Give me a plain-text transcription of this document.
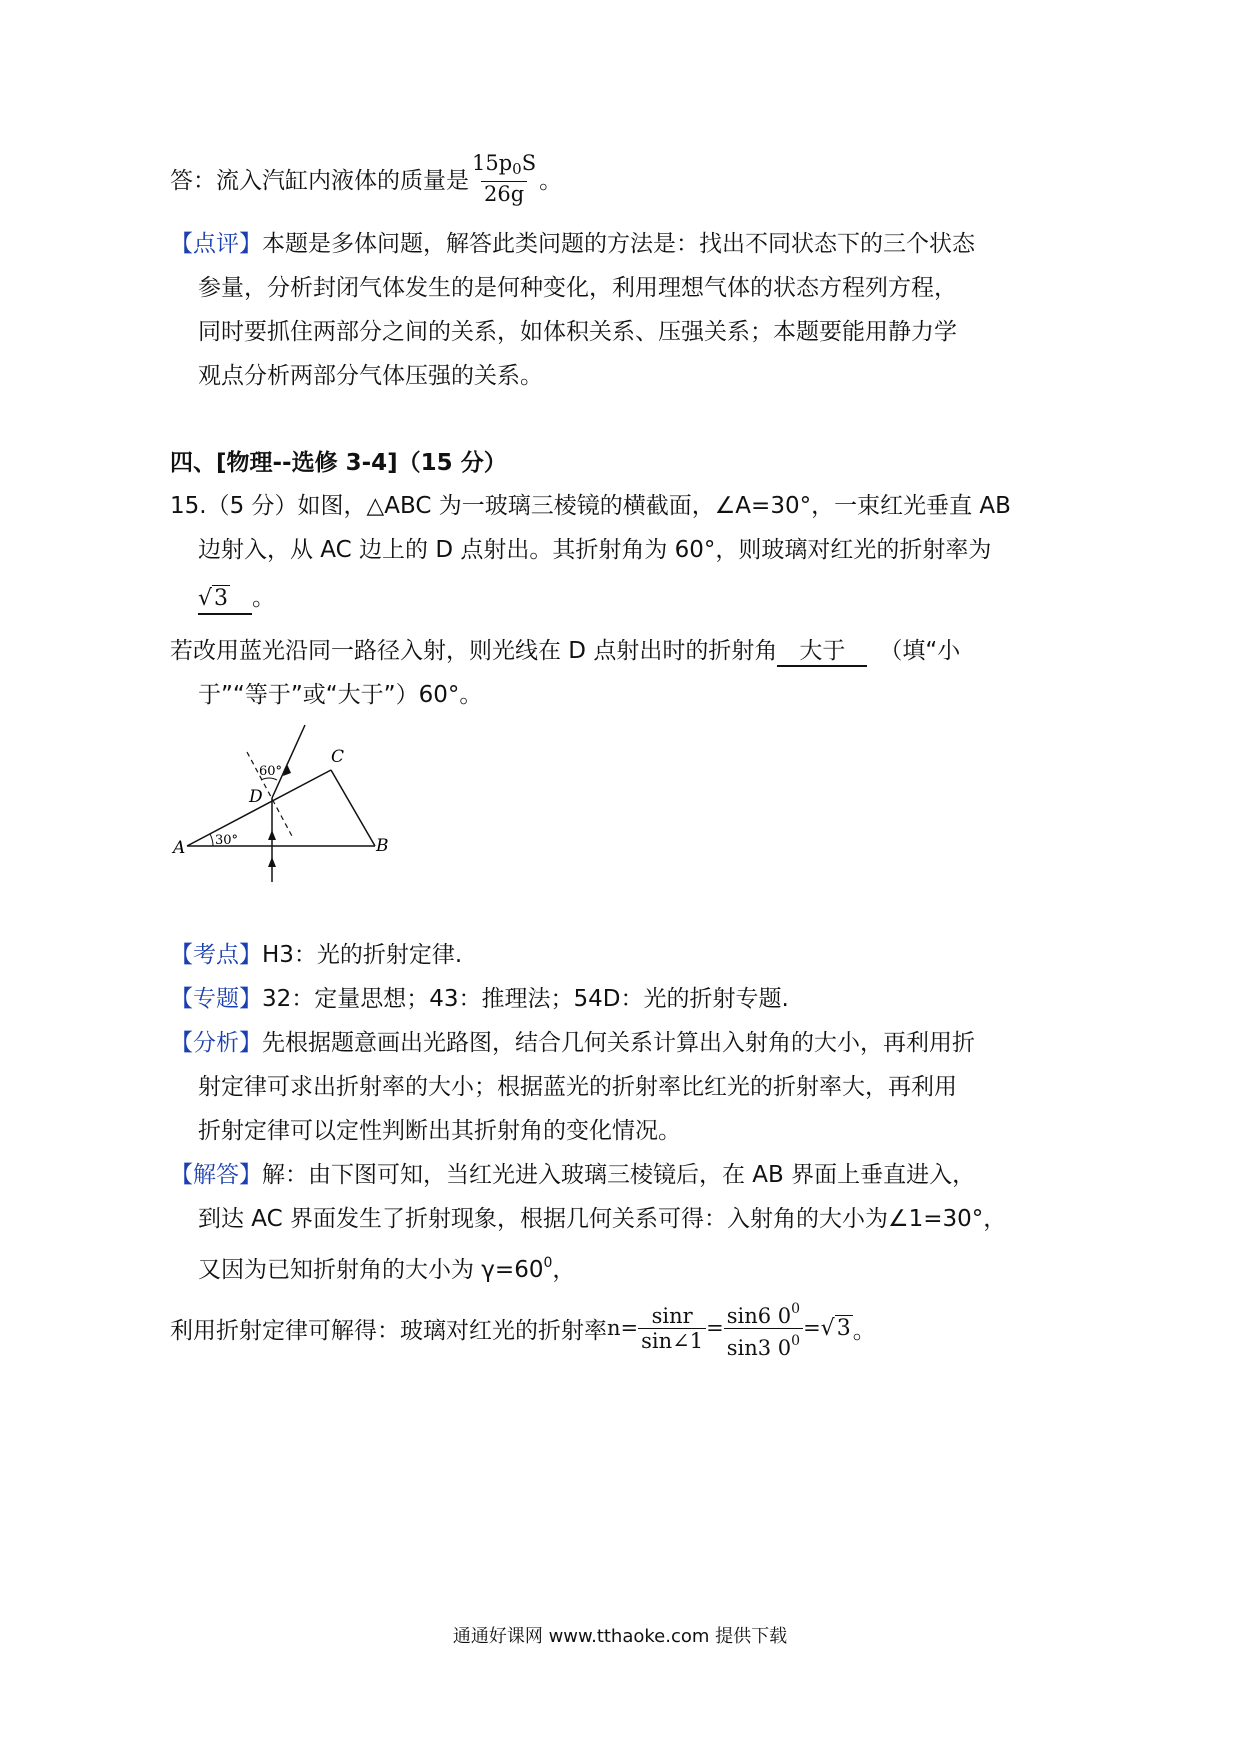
答：流入汽缸内液体的质量是 $\frac{15p_0S}{26g}$ 。
【点评】本题是多体问题，解答此类问题的方法是：找出不同状态下的三个状态
参量，分析封闭气体发生的是何种变化，利用理想气体的状态方程列方程，
同时要抓住两部分之间的关系，如体积关系、压强关系；本题要能用静力学
观点分析两部分气体压强的关系。
四、[物理--选修 3-4]（15 分）
15.（5 分）如图，△ABC 为一玻璃三棱镜的横截面，∠A=30°，一束红光垂直 AB
边射入，从 AC 边上的 D 点射出。其折射角为 60°，则玻璃对红光的折射率为
√3 。
若改用蓝光沿同一路径入射，则光线在 D 点射出时的折射角 大于 （填“小
于”“等于”或“大于”）60°。
A	B
C
D
30°
60°
【考点】H3：光的折射定律.
【专题】32：定量思想；43：推理法；54D：光的折射专题.
【分析】先根据题意画出光路图，结合几何关系计算出入射角的大小，再利用折
射定律可求出折射率的大小；根据蓝光的折射率比红光的折射率大，再利用
折射定律可以定性判断出其折射角的变化情况。
【解答】解：由下图可知，当红光进入玻璃三棱镜后，在 AB 界面上垂直进入，
到达 AC 界面发生了折射现象，根据几何关系可得：入射角的大小为∠1=30°，
又因为已知折射角的大小为 $\gamma=60^0$，
利用折射定律可解得：玻璃对红光的折射率 $n= \frac{\sin r}{\sin\angle 1} = \frac{\sin 6 0^0}{\sin 3 0^0} = √3$ 。
通通好课网 www.tthaoke.com 提供下载
